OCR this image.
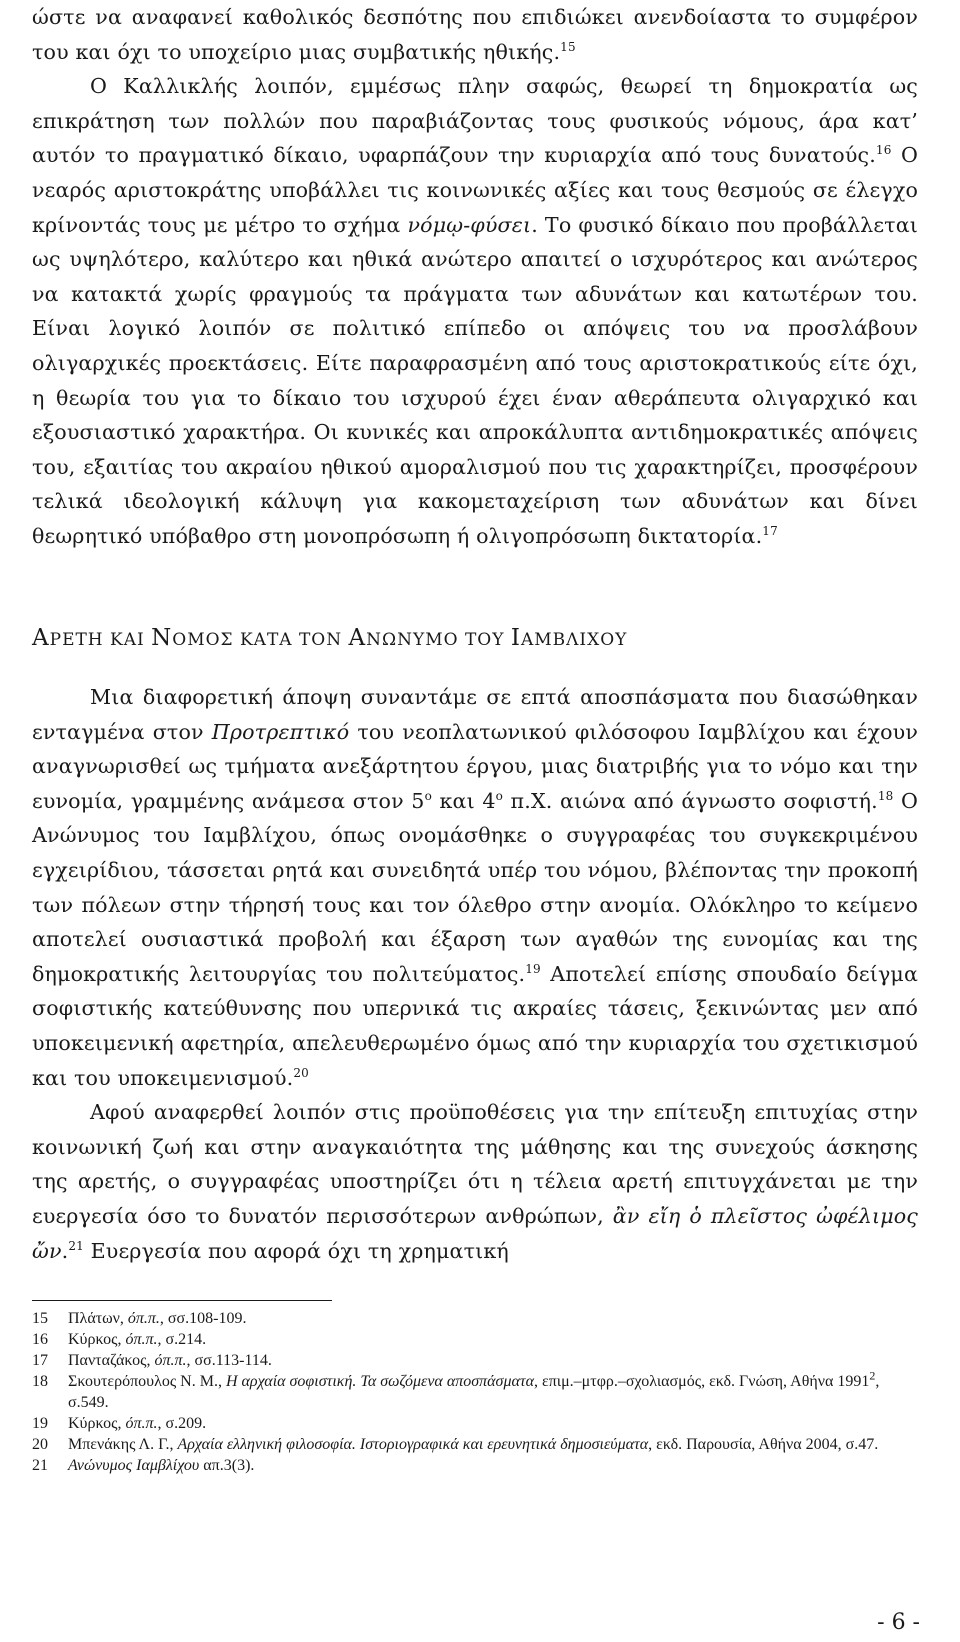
ώστε να αναφανεί καθολικός δεσπότης που επιδιώκει ανενδοίαστα το συμφέρον του και όχι το υποχείριο μιας συμβατικής ηθικής.$^{15}$

Ο Καλλικλής λοιπόν, εμμέσως πλην σαφώς, θεωρεί τη δημοκρατία ως επικράτηση των πολλών που παραβιάζοντας τους φυσικούς νόμους, άρα κατ’ αυτόν το πραγματικό δίκαιο, υφαρπάζουν την κυριαρχία από τους δυνατούς.$^{16}$ Ο νεαρός αριστοκράτης υποβάλλει τις κοινωνικές αξίες και τους θεσμούς σε έλεγχο κρίνοντάς τους με μέτρο το σχήμα νόμῳ-φύσει. Το φυσικό δίκαιο που προβάλλεται ως υψηλότερο, καλύτερο και ηθικά ανώτερο απαιτεί ο ισχυρότερος και ανώτερος να κατακτά χωρίς φραγμούς τα πράγματα των αδυνάτων και κατωτέρων του. Είναι λογικό λοιπόν σε πολιτικό επίπεδο οι απόψεις του να προσλάβουν ολιγαρχικές προεκτάσεις. Είτε παραφρασμένη από τους αριστοκρατικούς είτε όχι, η θεωρία του για το δίκαιο του ισχυρού έχει έναν αθεράπευτα ολιγαρχικό και εξουσιαστικό χαρακτήρα. Οι κυνικές και απροκάλυπτα αντιδημοκρατικές απόψεις του, εξαιτίας του ακραίου ηθικού αμοραλισμού που τις χαρακτηρίζει, προσφέρουν τελικά ιδεολογική κάλυψη για κακομεταχείριση των αδυνάτων και δίνει θεωρητικό υπόβαθρο στη μονοπρόσωπη ή ολιγοπρόσωπη δικτατορία.$^{17}$

ΑΡΕΤΗ ΚΑΙ ΝΟΜΟΣ ΚΑΤΑ ΤΟΝ ΑΝΩΝΥΜΟ ΤΟΥ ΙΑΜΒΛΙΧΟΥ

Μια διαφορετική άποψη συναντάμε σε επτά αποσπάσματα που διασώθηκαν ενταγμένα στον Προτρεπτικό του νεοπλατωνικού φιλόσοφου Ιαμβλίχου και έχουν αναγνωρισθεί ως τμήματα ανεξάρτητου έργου, μιας διατριβής για το νόμο και την ευνομία, γραμμένης ανάμεσα στον $5^o$ και $4^o$ π.Χ. αιώνα από άγνωστο σοφιστή.$^{18}$ Ο Ανώνυμος του Ιαμβλίχου, όπως ονομάσθηκε ο συγγραφέας του συγκεκριμένου εγχειρίδιου, τάσσεται ρητά και συνειδητά υπέρ του νόμου, βλέποντας την προκοπή των πόλεων στην τήρησή τους και τον όλεθρο στην ανομία. Ολόκληρο το κείμενο αποτελεί ουσιαστικά προβολή και έξαρση των αγαθών της ευνομίας και της δημοκρατικής λειτουργίας του πολιτεύματος.$^{19}$ Αποτελεί επίσης σπουδαίο δείγμα σοφιστικής κατεύθυνσης που υπερνικά τις ακραίες τάσεις, ξεκινώντας μεν από υποκειμενική αφετηρία, απελευθερωμένο όμως από την κυριαρχία του σχετικισμού και του υποκειμενισμού.$^{20}$

Αφού αναφερθεί λοιπόν στις προϋποθέσεις για την επίτευξη επιτυχίας στην κοινωνική ζωή και στην αναγκαιότητα της μάθησης και της συνεχούς άσκησης της αρετής, ο συγγραφέας υποστηρίζει ότι η τέλεια αρετή επιτυγχάνεται με την ευεργεσία όσο το δυνατόν περισσότερων ανθρώπων, ἂν εἴη ὁ πλεῖστος ὠφέλιμος ὤν.$^{21}$ Ευεργεσία που αφορά όχι τη χρηματική

15	Πλάτων, όπ.π., σσ.108-109.
16	Κύρκος, όπ.π., σ.214.
17	Πανταζάκος, όπ.π., σσ.113-114.
18	Σκουτερόπουλος Ν. Μ., Η αρχαία σοφιστική. Τα σωζόμενα αποσπάσματα, επιμ.–μτφρ.–σχολιασμός, εκδ. Γνώση, Αθήνα 1991$^2$, σ.549.
19	Κύρκος, όπ.π., σ.209.
20	Μπενάκης Λ. Γ., Αρχαία ελληνική φιλοσοφία. Ιστοριογραφικά και ερευνητικά δημοσιεύματα, εκδ. Παρουσία, Αθήνα 2004, σ.47.
21	Ανώνυμος Ιαμβλίχου απ.3(3).
- 6 -
